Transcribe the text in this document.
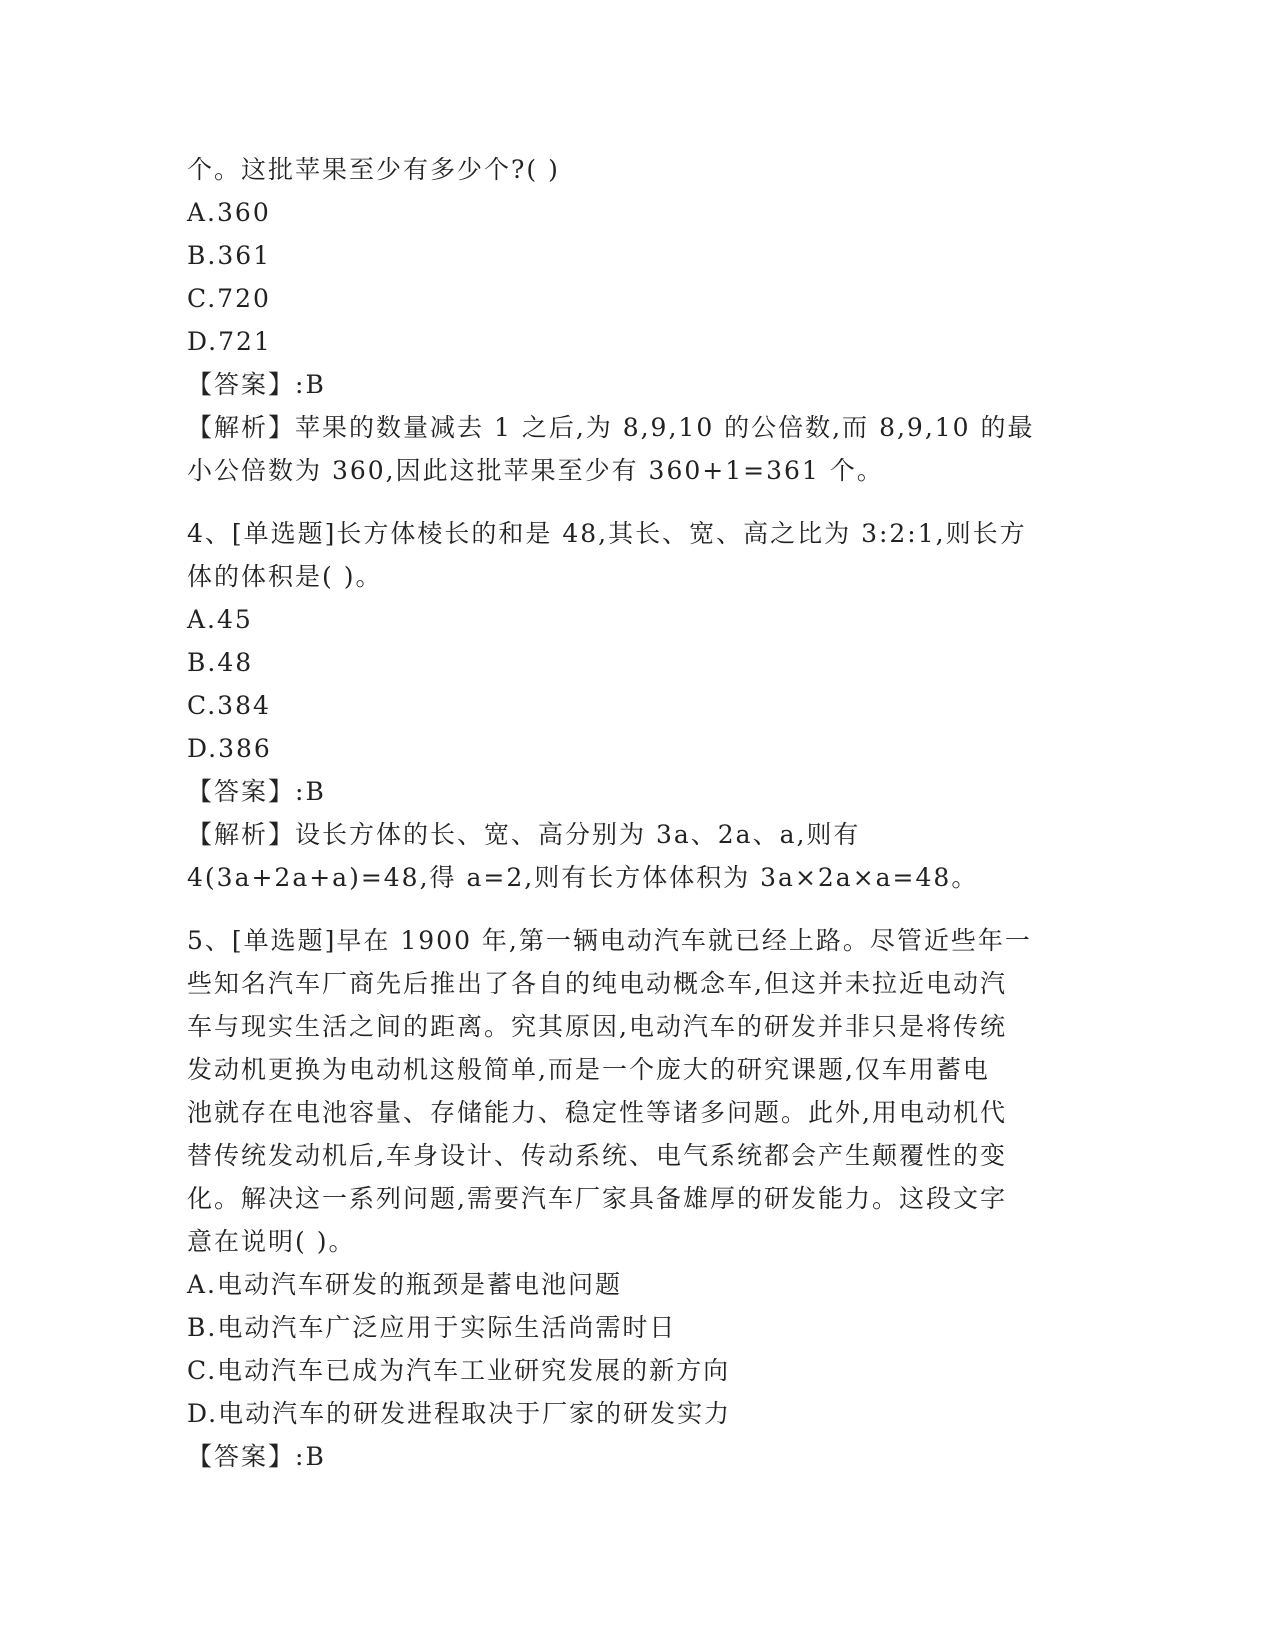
个。这批苹果至少有多少个?( )
A.360
B.361
C.720
D.721
【答案】:B
【解析】苹果的数量减去 1 之后,为 8,9,10 的公倍数,而 8,9,10 的最
小公倍数为 360,因此这批苹果至少有 360+1=361 个。
4、[单选题]长方体棱长的和是 48,其长、宽、高之比为 3:2:1,则长方
体的体积是( )。
A.45
B.48
C.384
D.386
【答案】:B
【解析】设长方体的长、宽、高分别为 3a、2a、a,则有
4(3a+2a+a)=48,得 a=2,则有长方体体积为 3a×2a×a=48。
5、[单选题]早在 1900 年,第一辆电动汽车就已经上路。尽管近些年一
些知名汽车厂商先后推出了各自的纯电动概念车,但这并未拉近电动汽
车与现实生活之间的距离。究其原因,电动汽车的研发并非只是将传统
发动机更换为电动机这般简单,而是一个庞大的研究课题,仅车用蓄电
池就存在电池容量、存储能力、稳定性等诸多问题。此外,用电动机代
替传统发动机后,车身设计、传动系统、电气系统都会产生颠覆性的变
化。解决这一系列问题,需要汽车厂家具备雄厚的研发能力。这段文字
意在说明( )。
A.电动汽车研发的瓶颈是蓄电池问题
B.电动汽车广泛应用于实际生活尚需时日
C.电动汽车已成为汽车工业研究发展的新方向
D.电动汽车的研发进程取决于厂家的研发实力
【答案】:B
